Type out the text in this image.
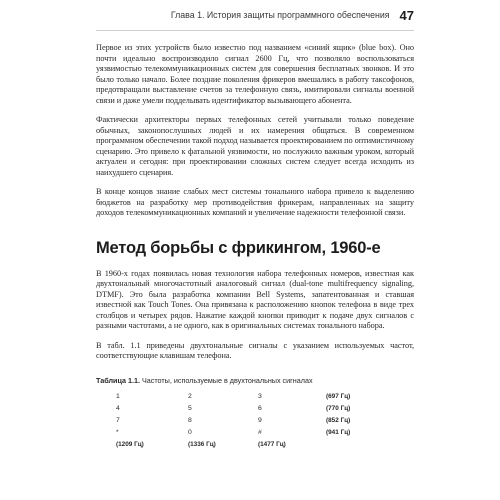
Глава 1. История защиты программного обеспечения 47

Первое из этих устройств было известно под названием «синий ящик» (blue box). Оно почти идеально воспроизводило сигнал 2600 Гц, что позволяло воспользоваться уязвимостью телекоммуникационных систем для совершения бесплатных звонков. И это было только начало. Более поздние поколения фрикеров вмешались в работу таксофонов, предотвращали выставление счетов за телефонную связь, имитировали сигналы военной связи и даже умели подделывать идентификатор вызывающего абонента.

Фактически архитекторы первых телефонных сетей учитывали только поведение обычных, законопослушных людей и их намерения общаться. В современном программном обеспечении такой подход называется проектированием по оптимистичному сценарию. Это привело к фатальной уязвимости, но послужило важным уроком, который актуален и сегодня: при проектировании сложных систем следует всегда исходить из наихудшего сценария.

В конце концов знание слабых мест системы тонального набора привело к выделению бюджетов на разработку мер противодействия фрикерам, направленных на защиту доходов телекоммуникационных компаний и увеличение надежности телефонной связи.

Метод борьбы с фрикингом, 1960-е

В 1960-х годах появилась новая технология набора телефонных номеров, известная как двухтональный многочастотный аналоговый сигнал (dual-tone multifrequency signaling, DTMF). Это была разработка компании Bell Systems, запатентованная и ставшая известной как Touch Tones. Она привязана к расположению кнопок телефона в виде трех столбцов и четырех рядов. Нажатие каждой кнопки приводит к подаче двух сигналов с разными частотами, а не одного, как в оригинальных системах тонального набора.

В табл. 1.1 приведены двухтональные сигналы с указанием используемых частот, соответствующие клавишам телефона.

Таблица 1.1. Частоты, используемые в двухтональных сигналах
1	2	3	(697 Гц)
4	5	6	(770 Гц)
7	8	9	(852 Гц)
*	0	#	(941 Гц)
(1209 Гц)	(1336 Гц)	(1477 Гц)	
